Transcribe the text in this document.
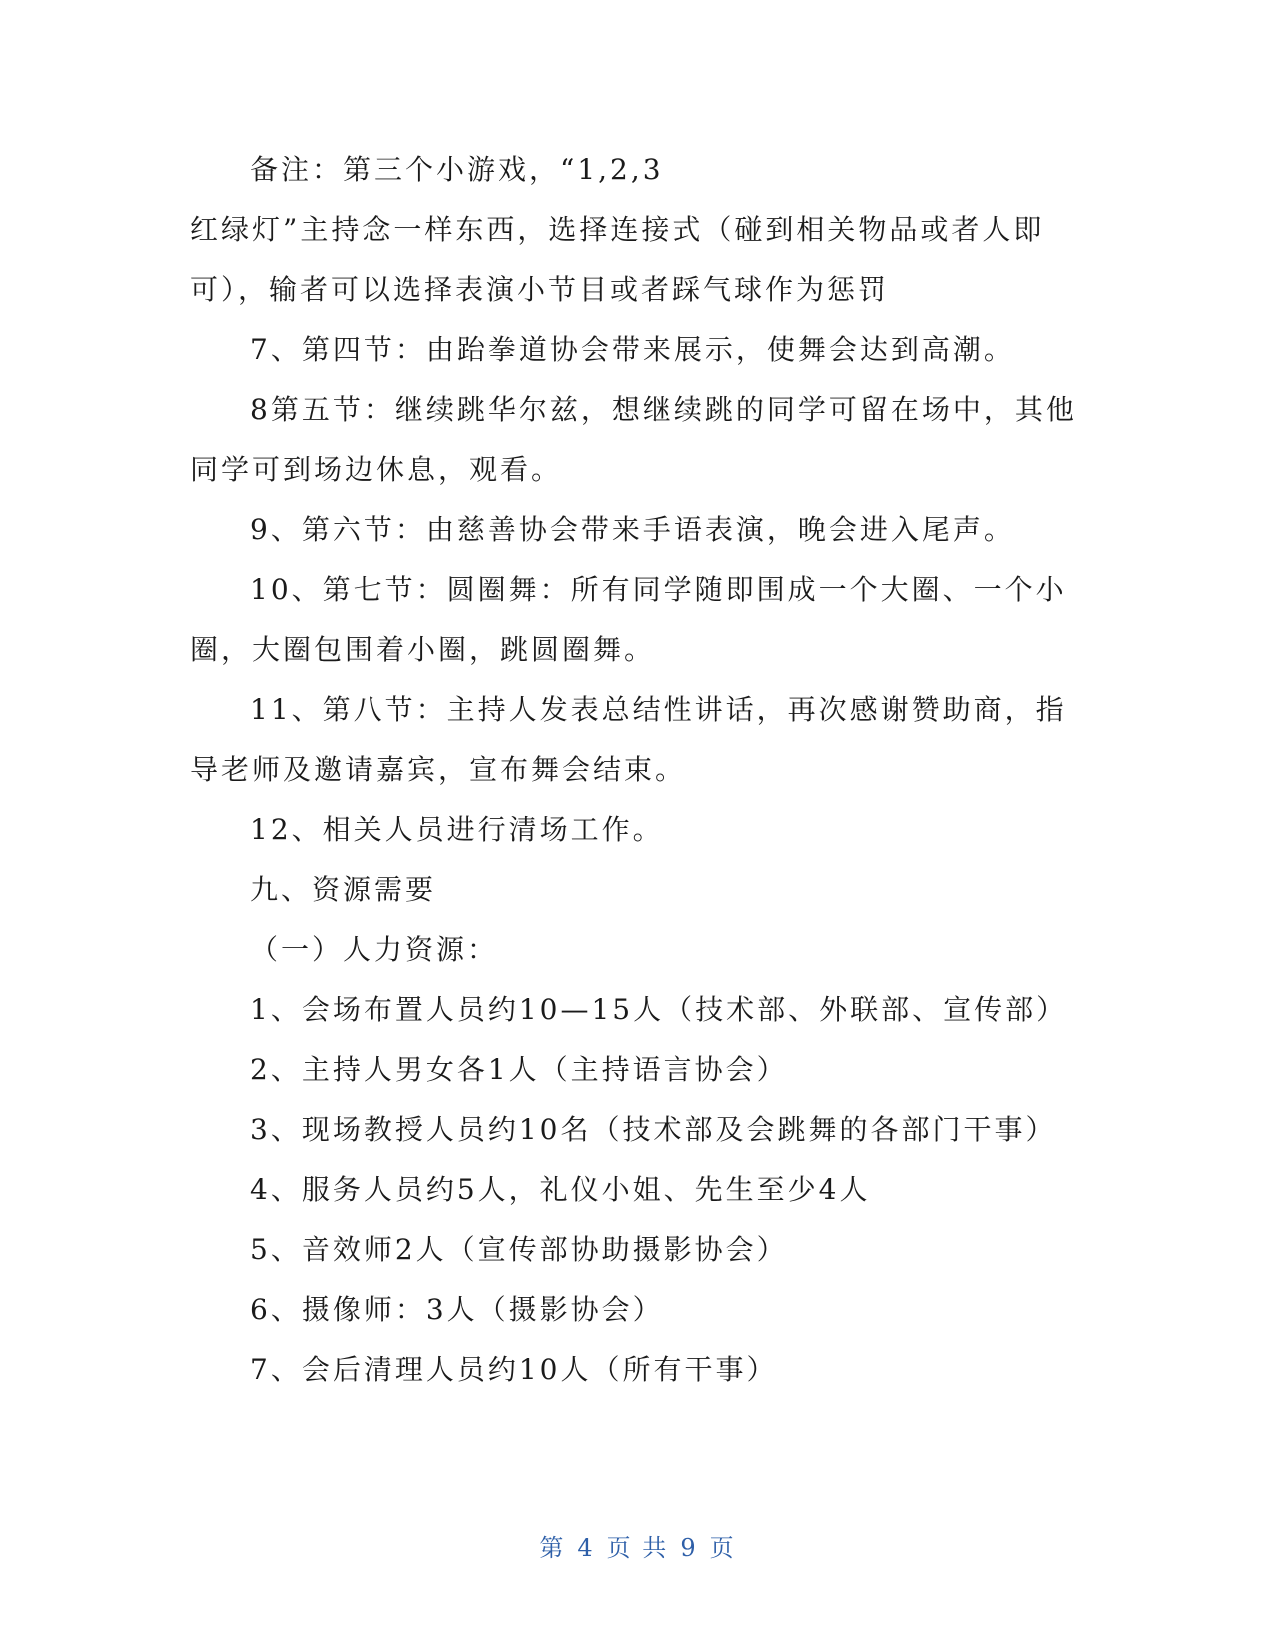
备注：第三个小游戏，“1,2,3
红绿灯”主持念一样东西，选择连接式（碰到相关物品或者人即
可），输者可以选择表演小节目或者踩气球作为惩罚
7、第四节：由跆拳道协会带来展示，使舞会达到高潮。
8第五节：继续跳华尔兹，想继续跳的同学可留在场中，其他
同学可到场边休息，观看。
9、第六节：由慈善协会带来手语表演，晚会进入尾声。
10、第七节：圆圈舞：所有同学随即围成一个大圈、一个小
圈，大圈包围着小圈，跳圆圈舞。
11、第八节：主持人发表总结性讲话，再次感谢赞助商，指
导老师及邀请嘉宾，宣布舞会结束。
12、相关人员进行清场工作。
九、资源需要
（一）人力资源：
1、会场布置人员约10—15人（技术部、外联部、宣传部）
2、主持人男女各1人（主持语言协会）
3、现场教授人员约10名（技术部及会跳舞的各部门干事）
4、服务人员约5人，礼仪小姐、先生至少4人
5、音效师2人（宣传部协助摄影协会）
6、摄像师：3人（摄影协会）
7、会后清理人员约10人（所有干事）
第 4 页 共 9 页
